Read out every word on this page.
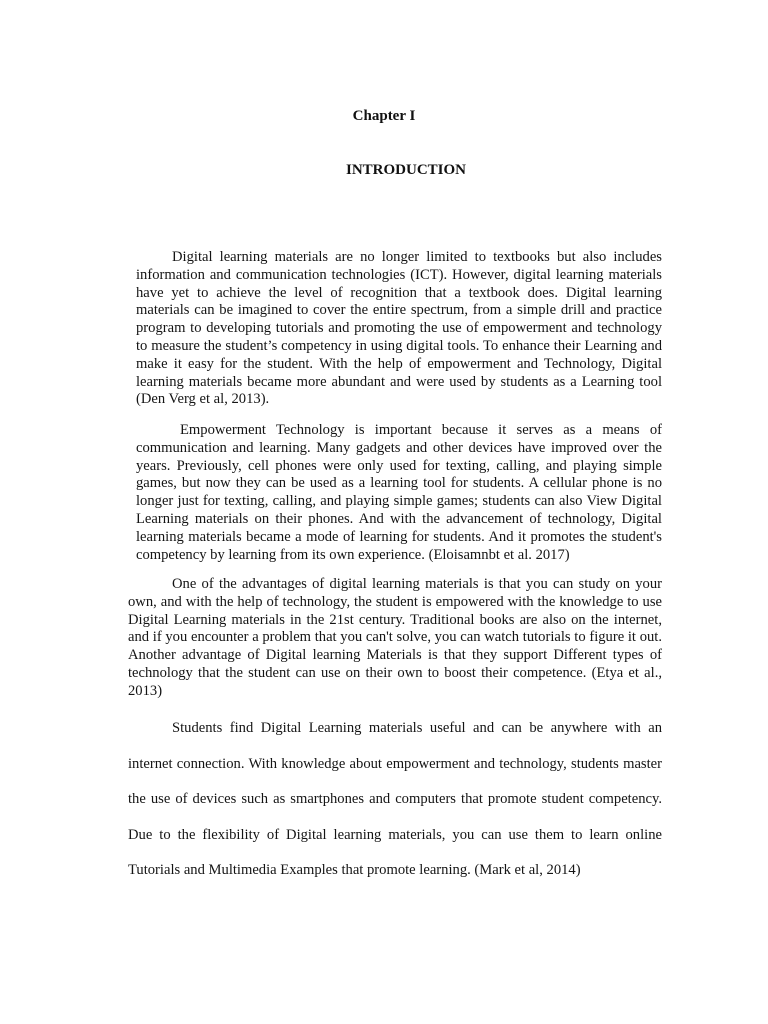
Chapter I
INTRODUCTION

Digital learning materials are no longer limited to textbooks but also includes information and communication technologies (ICT). However, digital learning materials have yet to achieve the level of recognition that a textbook does. Digital learning materials can be imagined to cover the entire spectrum, from a simple drill and practice program to developing tutorials and promoting the use of empowerment and technology to measure the student’s competency in using digital tools. To enhance their Learning and make it easy for the student. With the help of empowerment and Technology, Digital learning materials became more abundant and were used by students as a Learning tool (Den Verg et al, 2013).

Empowerment Technology is important because it serves as a means of communication and learning. Many gadgets and other devices have improved over the years. Previously, cell phones were only used for texting, calling, and playing simple games, but now they can be used as a learning tool for students. A cellular phone is no longer just for texting, calling, and playing simple games; students can also View Digital Learning materials on their phones. And with the advancement of technology, Digital learning materials became a mode of learning for students. And it promotes the student's competency by learning from its own experience. (Eloisamnbt et al. 2017)

One of the advantages of digital learning materials is that you can study on your own, and with the help of technology, the student is empowered with the knowledge to use Digital Learning materials in the 21st century. Traditional books are also on the internet, and if you encounter a problem that you can't solve, you can watch tutorials to figure it out. Another advantage of Digital learning Materials is that they support Different types of technology that the student can use on their own to boost their competence. (Etya et al., 2013)

Students find Digital Learning materials useful and can be anywhere with an internet connection. With knowledge about empowerment and technology, students master the use of devices such as smartphones and computers that promote student competency. Due to the flexibility of Digital learning materials, you can use them to learn online Tutorials and Multimedia Examples that promote learning. (Mark et al, 2014)
